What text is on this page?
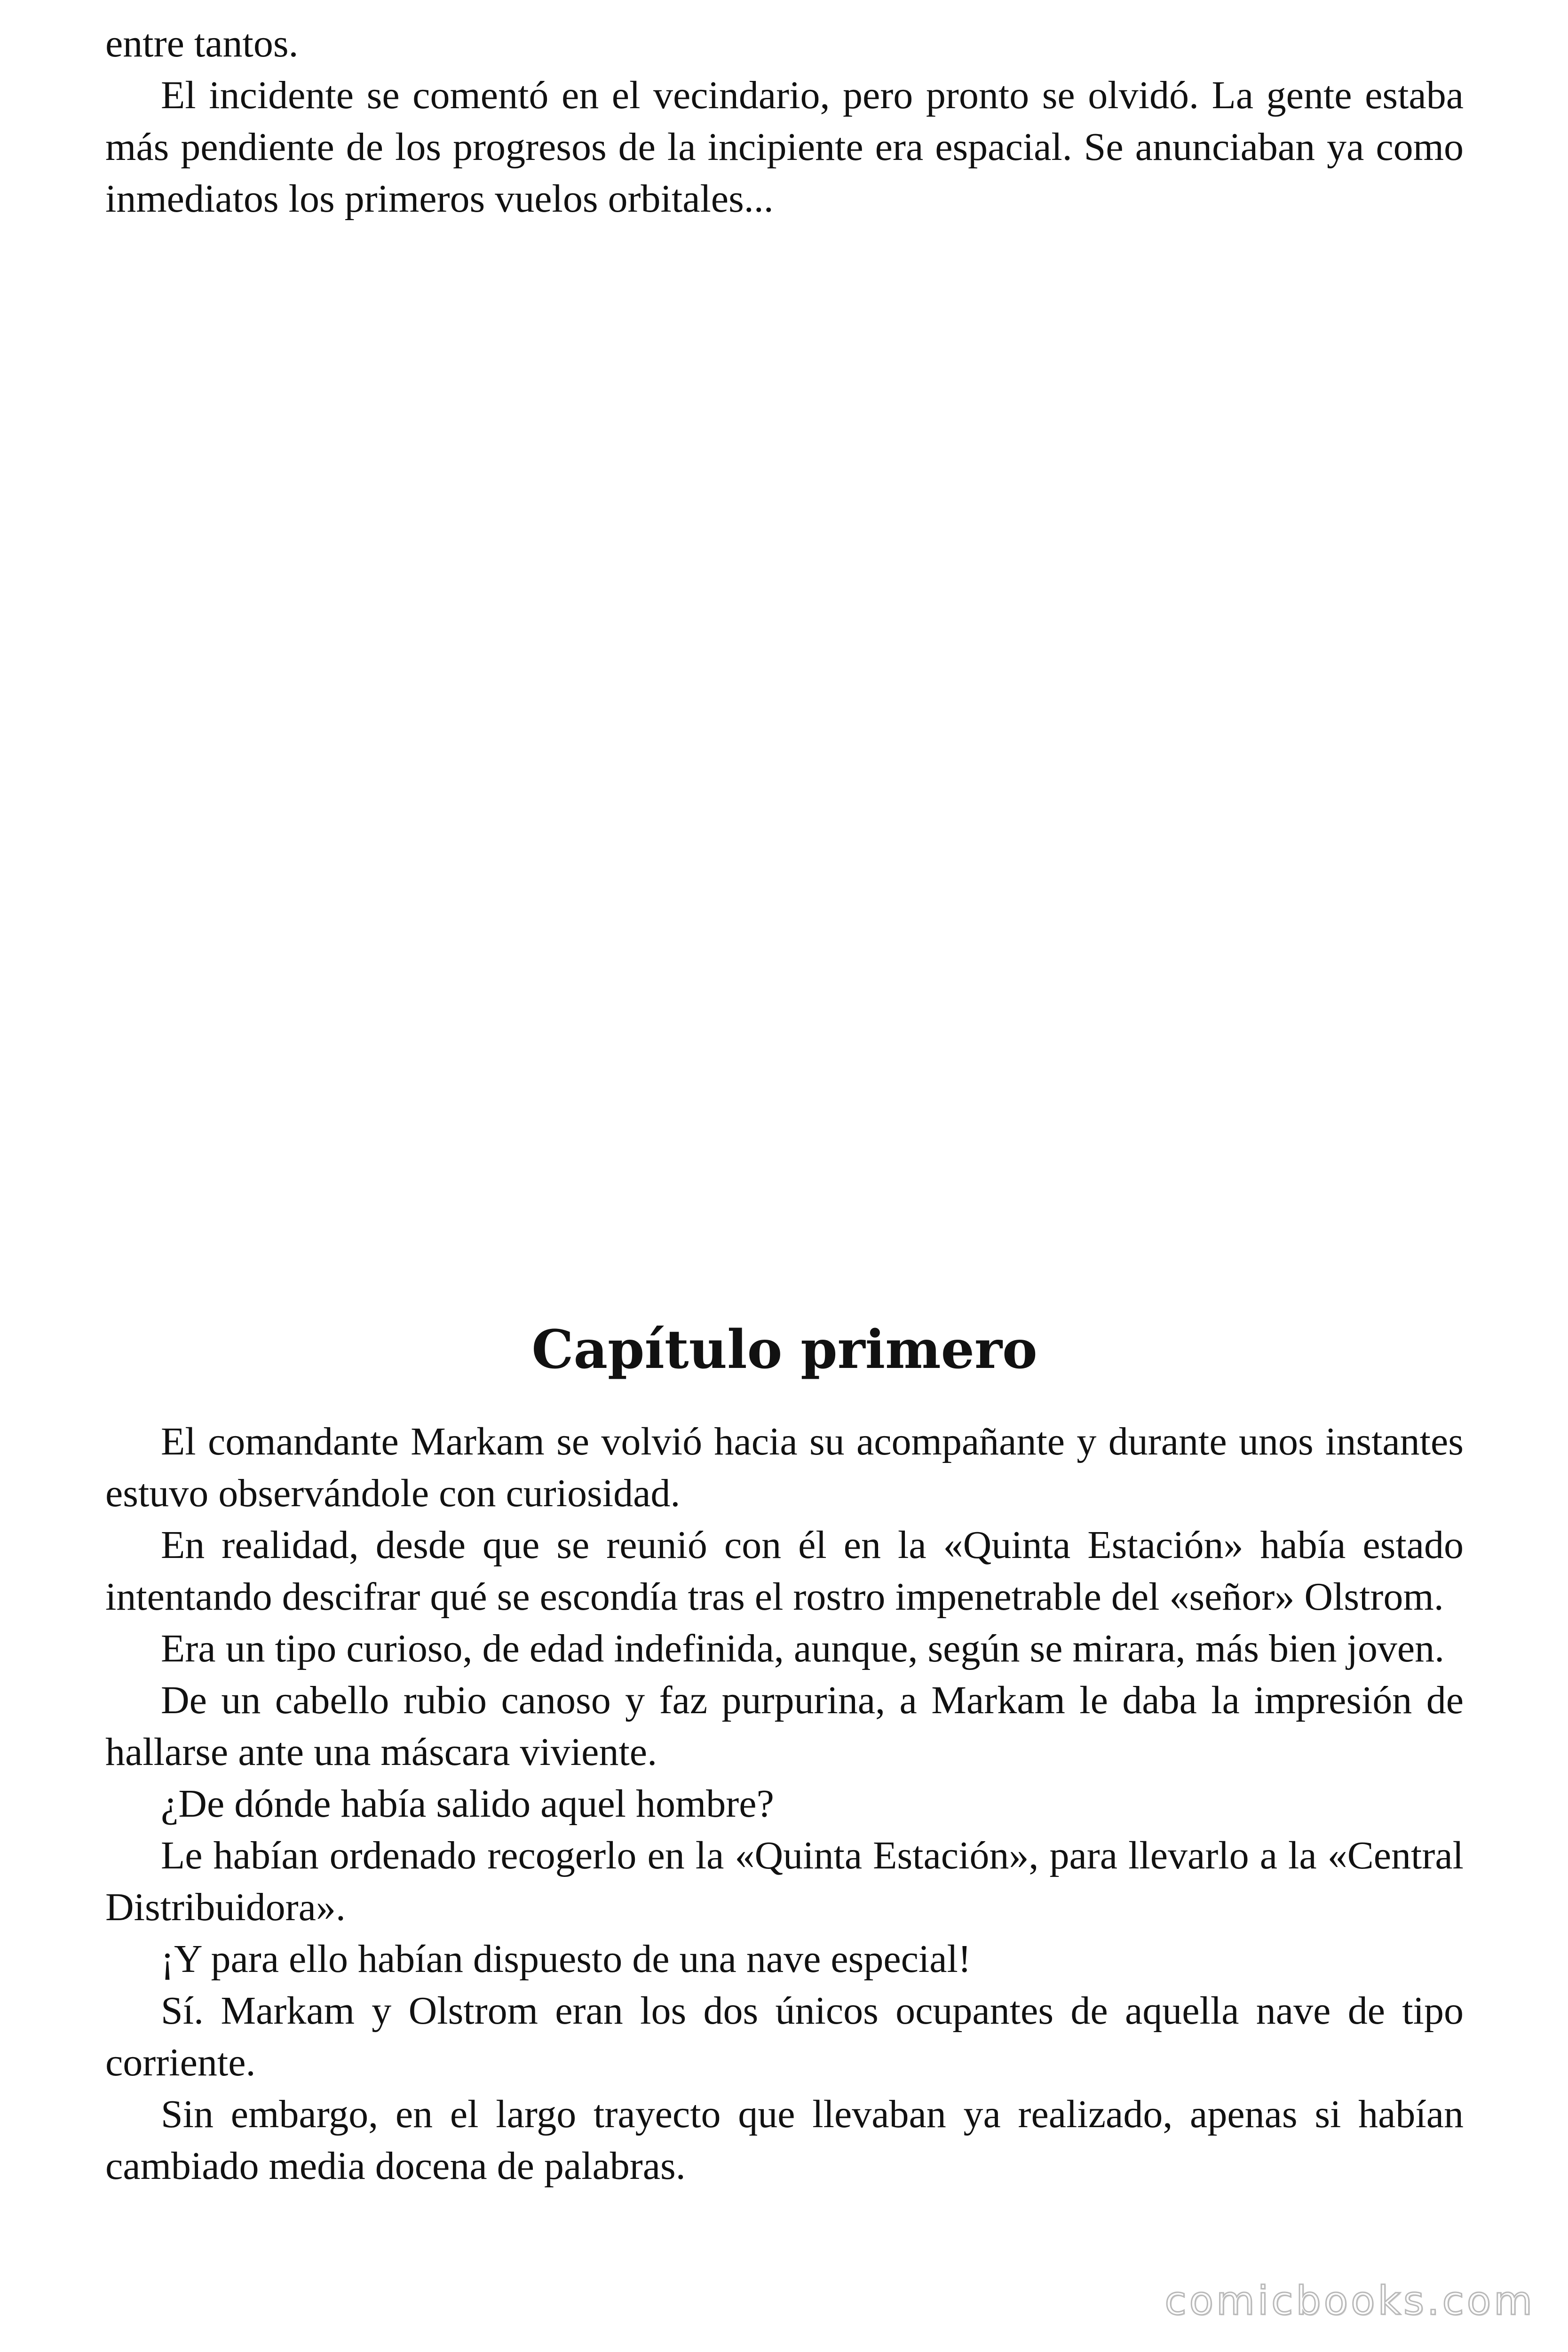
entre tantos.

El incidente se comentó en el vecindario, pero pronto se olvidó. La gente estaba más pendiente de los progresos de la incipiente era espacial. Se anunciaban ya como inmediatos los primeros vuelos orbitales...

Capítulo primero

El comandante Markam se volvió hacia su acompañante y durante unos instantes estuvo observándole con curiosidad.

En realidad, desde que se reunió con él en la «Quinta Estación» había estado intentando descifrar qué se escondía tras el rostro impenetrable del «señor» Olstrom.

Era un tipo curioso, de edad indefinida, aunque, según se mirara, más bien joven.

De un cabello rubio canoso y faz purpurina, a Markam le daba la impresión de hallarse ante una máscara viviente.

¿De dónde había salido aquel hombre?

Le habían ordenado recogerlo en la «Quinta Estación», para llevarlo a la «Central Distribuidora».

¡Y para ello habían dispuesto de una nave especial!

Sí. Markam y Olstrom eran los dos únicos ocupantes de aquella nave de tipo corriente.

Sin embargo, en el largo trayecto que llevaban ya realizado, apenas si habían cambiado media docena de palabras.

comicbooks.com
